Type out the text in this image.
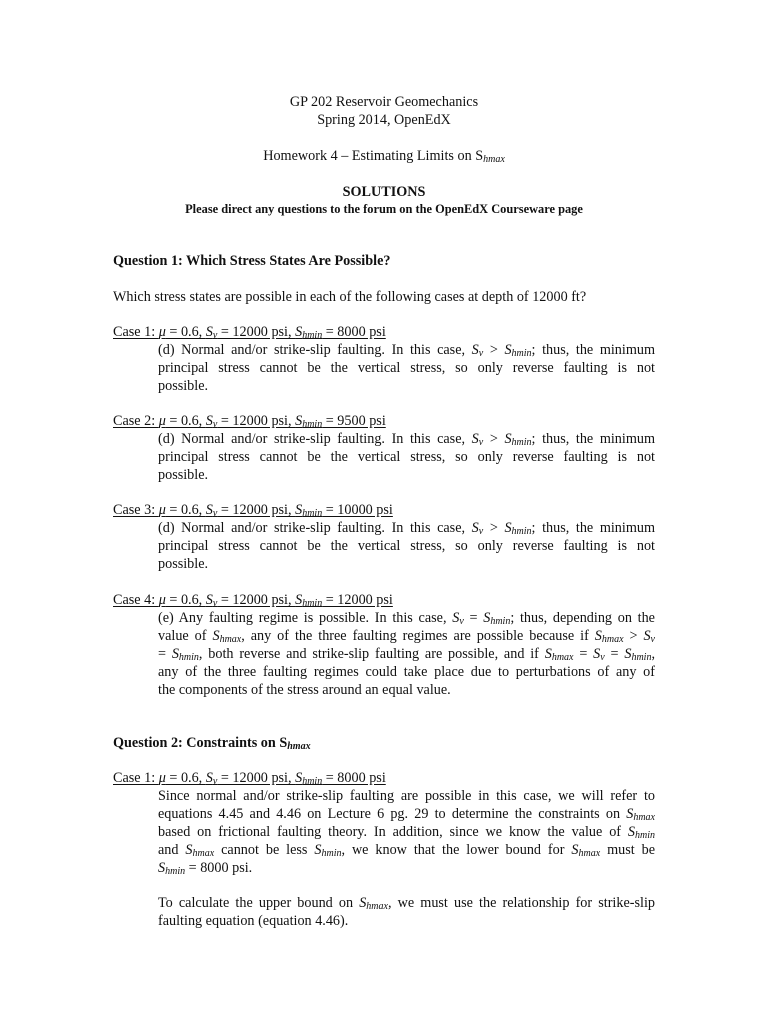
GP 202 Reservoir Geomechanics
Spring 2014, OpenEdX
Homework 4 – Estimating Limits on $S_{hmax}$
SOLUTIONS
Please direct any questions to the forum on the OpenEdX Courseware page
Question 1: Which Stress States Are Possible?
Which stress states are possible in each of the following cases at depth of 12000 ft?
Case 1: μ = 0.6, $S_v = 12000$ psi, $S_{hmin} = 8000$ psi
(d) Normal and/or strike-slip faulting. In this case, $S_v > S_{hmin}$; thus, the minimum
principal stress cannot be the vertical stress, so only reverse faulting is not
possible.
Case 2: μ = 0.6, $S_v = 12000$ psi, $S_{hmin} = 9500$ psi
(d) Normal and/or strike-slip faulting. In this case, $S_v > S_{hmin}$; thus, the minimum
principal stress cannot be the vertical stress, so only reverse faulting is not
possible.
Case 3: μ = 0.6, $S_v = 12000$ psi, $S_{hmin} = 10000$ psi
(d) Normal and/or strike-slip faulting. In this case, $S_v > S_{hmin}$; thus, the minimum
principal stress cannot be the vertical stress, so only reverse faulting is not
possible.
Case 4: μ = 0.6, $S_v = 12000$ psi, $S_{hmin} = 12000$ psi
(e) Any faulting regime is possible. In this case, $S_v = S_{hmin}$; thus, depending on the
value of $S_{hmax}$, any of the three faulting regimes are possible because if $S_{hmax} > S_v$
= $S_{hmin}$, both reverse and strike-slip faulting are possible, and if $S_{hmax} = S_v = S_{hmin}$,
any of the three faulting regimes could take place due to perturbations of any of
the components of the stress around an equal value.
Question 2: Constraints on $S_{hmax}$
Case 1: μ = 0.6, $S_v = 12000$ psi, $S_{hmin} = 8000$ psi
Since normal and/or strike-slip faulting are possible in this case, we will refer to
equations 4.45 and 4.46 on Lecture 6 pg. 29 to determine the constraints on $S_{hmax}$
based on frictional faulting theory. In addition, since we know the value of $S_{hmin}$
and $S_{hmax}$ cannot be less $S_{hmin}$, we know that the lower bound for $S_{hmax}$ must be
$S_{hmin} = 8000$ psi.
To calculate the upper bound on $S_{hmax}$, we must use the relationship for strike-slip
faulting equation (equation 4.46).
